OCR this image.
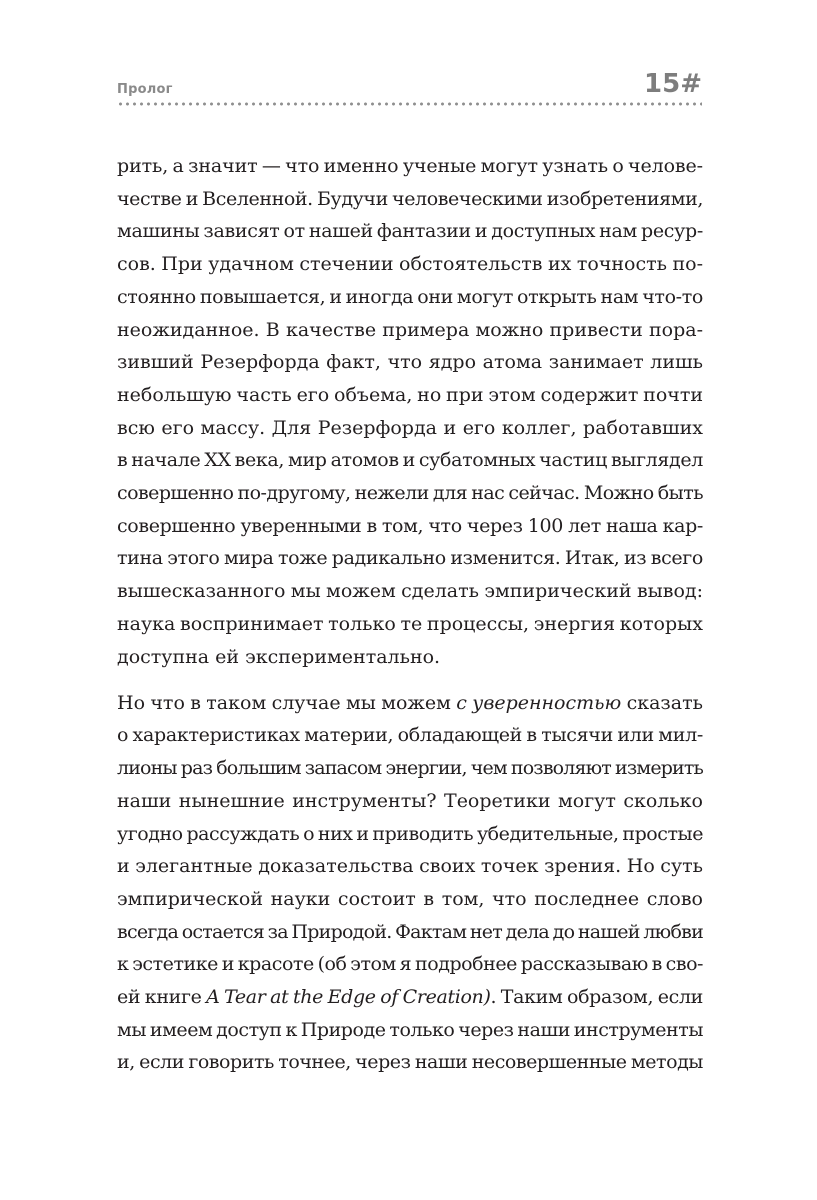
Пролог	15#

рить, а значит — что именно ученые могут узнать о человe-
честве и Вселенной. Будучи человеческими изобретениями,
машины зависят от нашей фантазии и доступных нам ресур-
сов. При удачном стечении обстоятельств их точность по-
стоянно повышается, и иногда они могут открыть нам что-то
неожиданное. В качестве примера можно привести пора-
зивший Резерфорда факт, что ядро атома занимает лишь
небольшую часть его объема, но при этом содержит почти
всю его массу. Для Резерфорда и его коллег, работавших
в начале XX века, мир атомов и субатомных частиц выглядел
совершенно по-другому, нежели для нас сейчас. Можно быть
совершенно уверенными в том, что через 100 лет наша кар-
тина этого мира тоже радикально изменится. Итак, из всего
вышесказанного мы можем сделать эмпирический вывод:
наука воспринимает только те процессы, энергия которых
доступна ей экспериментально.

Но что в таком случае мы можем с уверенностью сказать
о характеристиках материи, обладающей в тысячи или мил-
лионы раз большим запасом энергии, чем позволяют измерить
наши нынешние инструменты? Теоретики могут сколько
угодно рассуждать о них и приводить убедительные, простые
и элегантные доказательства своих точек зрения. Но суть
эмпирической науки состоит в том, что последнее слово
всегда остается за Природой. Фактам нет дела до нашей любви
к эстетике и красоте (об этом я подробнее рассказываю в сво-
ей книге A Tear at the Edge of Creation). Таким образом, если
мы имеем доступ к Природе только через наши инструменты
и, если говорить точнее, через наши несовершенные методы
